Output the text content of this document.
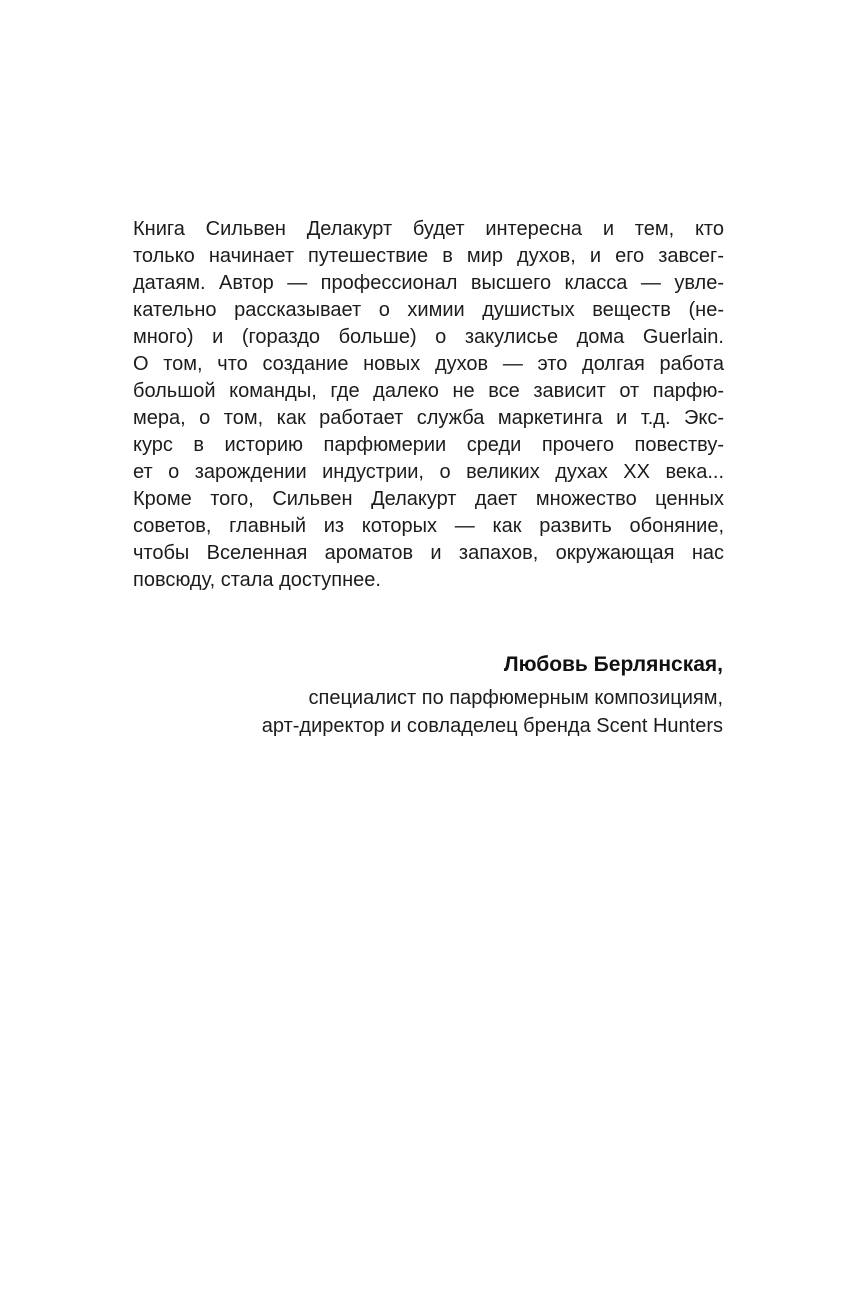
Книга Сильвен Делакурт будет интересна и тем, кто
только начинает путешествие в мир духов, и его завсег-
датаям. Автор — профессионал высшего класса — увле-
кательно рассказывает о химии душистых веществ (не-
много) и (гораздо больше) о закулисье дома Guerlain.
О том, что создание новых духов — это долгая работа
большой команды, где далеко не все зависит от парфю-
мера, о том, как работает служба маркетинга и т.д. Экс-
курс в историю парфюмерии среди прочего повеству-
ет о зарождении индустрии, о великих духах XX века...
Кроме того, Сильвен Делакурт дает множество ценных
советов, главный из которых — как развить обоняние,
чтобы Вселенная ароматов и запахов, окружающая нас
повсюду, стала доступнее.
Любовь Берлянская,
специалист по парфюмерным композициям,
арт-директор и совладелец бренда Scent Hunters
